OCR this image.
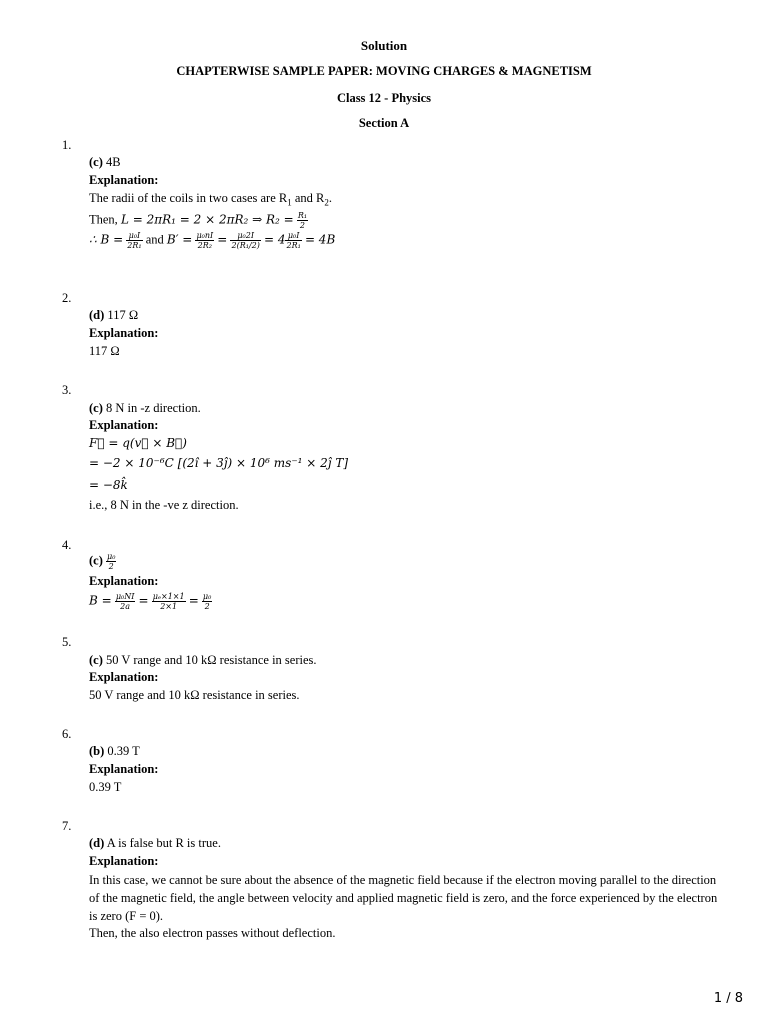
Solution
CHAPTERWISE SAMPLE PAPER: MOVING CHARGES & MAGNETISM
Class 12 - Physics
Section A
1.
(c) 4B
Explanation:
The radii of the coils in two cases are $R_1$ and $R_2$.
Then, L = 2πR₁ = 2 × 2πR₂ ⇒ $R_2 = \frac{\text{R₁}}{2}$
∴ $B = \frac{\text{μ₀I}}{\text{2R₁}}$ and $B' = \frac{\text{μ₀nI}}{\text{2R₂}} = \frac{\text{μ₀2I}}{\text{2(R₁/2)}} = 4 \frac{\text{μ₀I}}{\text{2R₁}} = 4B$
2.
(d) 117 Ω
Explanation:
117 Ω
3.
(c) 8 N in -z direction.
Explanation:
F⃗ = q(v⃗ × B⃗)
= −2 × 10⁻⁶C [(2î + 3ĵ) × 10⁶ ms⁻¹ × 2ĵ T]
= −8k̂
i.e., 8 N in the -ve z direction.
4.
$(c) \frac{\text{μ₀}}{2}$
Explanation:
$B = \frac{\text{μ₀NI}}{2a} = \frac{\text{μₑ×1×1}}{2\times 1} = \frac{\text{μ₀}}{2}$
5.
(c) 50 V range and 10 kΩ resistance in series.
Explanation:
50 V range and 10 kΩ resistance in series.
6.
(b) 0.39 T
Explanation:
0.39 T
7.
(d) A is false but R is true.
Explanation:
In this case, we cannot be sure about the absence of the magnetic field because if the electron moving parallel to the direction of the magnetic field, the angle between velocity and applied magnetic field is zero, and the force experienced by the electron is zero (F = 0).
Then, the also electron passes without deflection.
1 / 8
